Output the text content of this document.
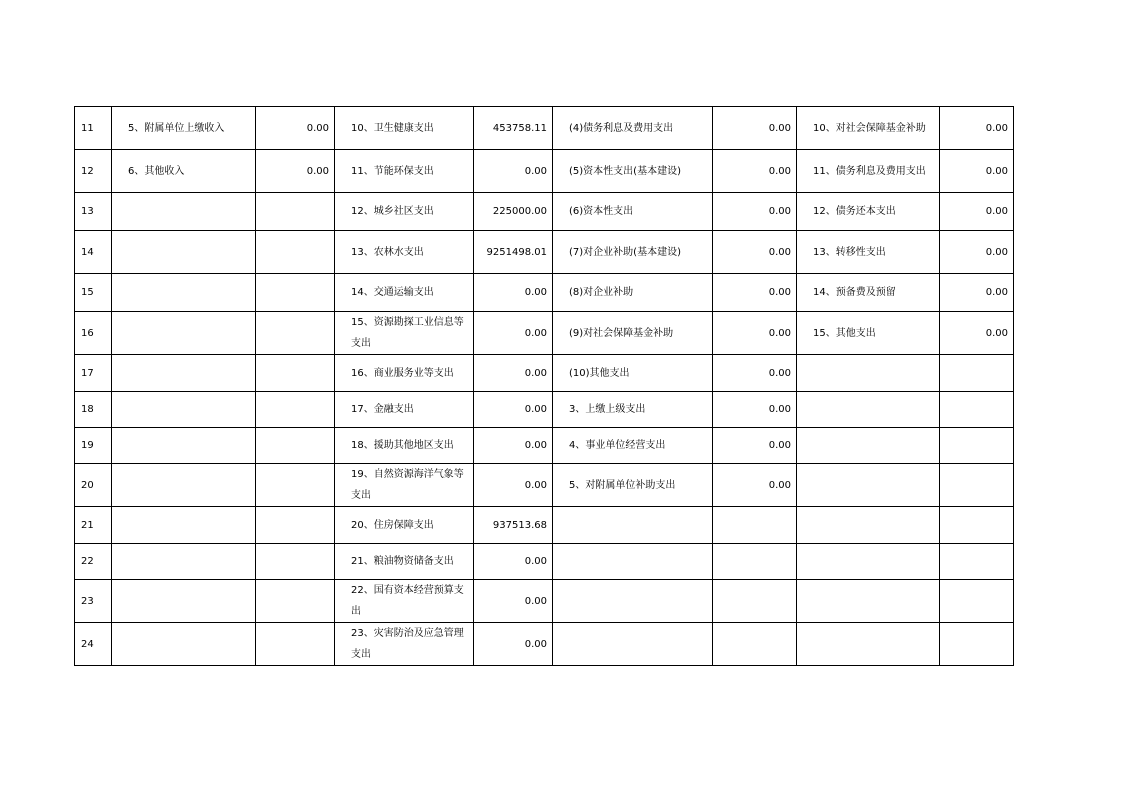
11	5、附属单位上缴收入	0.00	10、卫生健康支出	453758.11	(4)债务利息及费用支出	0.00	10、对社会保障基金补助	0.00
12	6、其他收入	0.00	11、节能环保支出	0.00	(5)资本性支出(基本建设)	0.00	11、债务利息及费用支出	0.00
13			12、城乡社区支出	225000.00	(6)资本性支出	0.00	12、债务还本支出	0.00
14			13、农林水支出	9251498.01	(7)对企业补助(基本建设)	0.00	13、转移性支出	0.00
15			14、交通运输支出	0.00	(8)对企业补助	0.00	14、预备费及预留	0.00
16			15、资源勘探工业信息等支出	0.00	(9)对社会保障基金补助	0.00	15、其他支出	0.00
17			16、商业服务业等支出	0.00	(10)其他支出	0.00		
18			17、金融支出	0.00	3、上缴上级支出	0.00		
19			18、援助其他地区支出	0.00	4、事业单位经营支出	0.00		
20			19、自然资源海洋气象等支出	0.00	5、对附属单位补助支出	0.00		
21			20、住房保障支出	937513.68				
22			21、粮油物资储备支出	0.00				
23			22、国有资本经营预算支出	0.00				
24			23、灾害防治及应急管理支出	0.00				
